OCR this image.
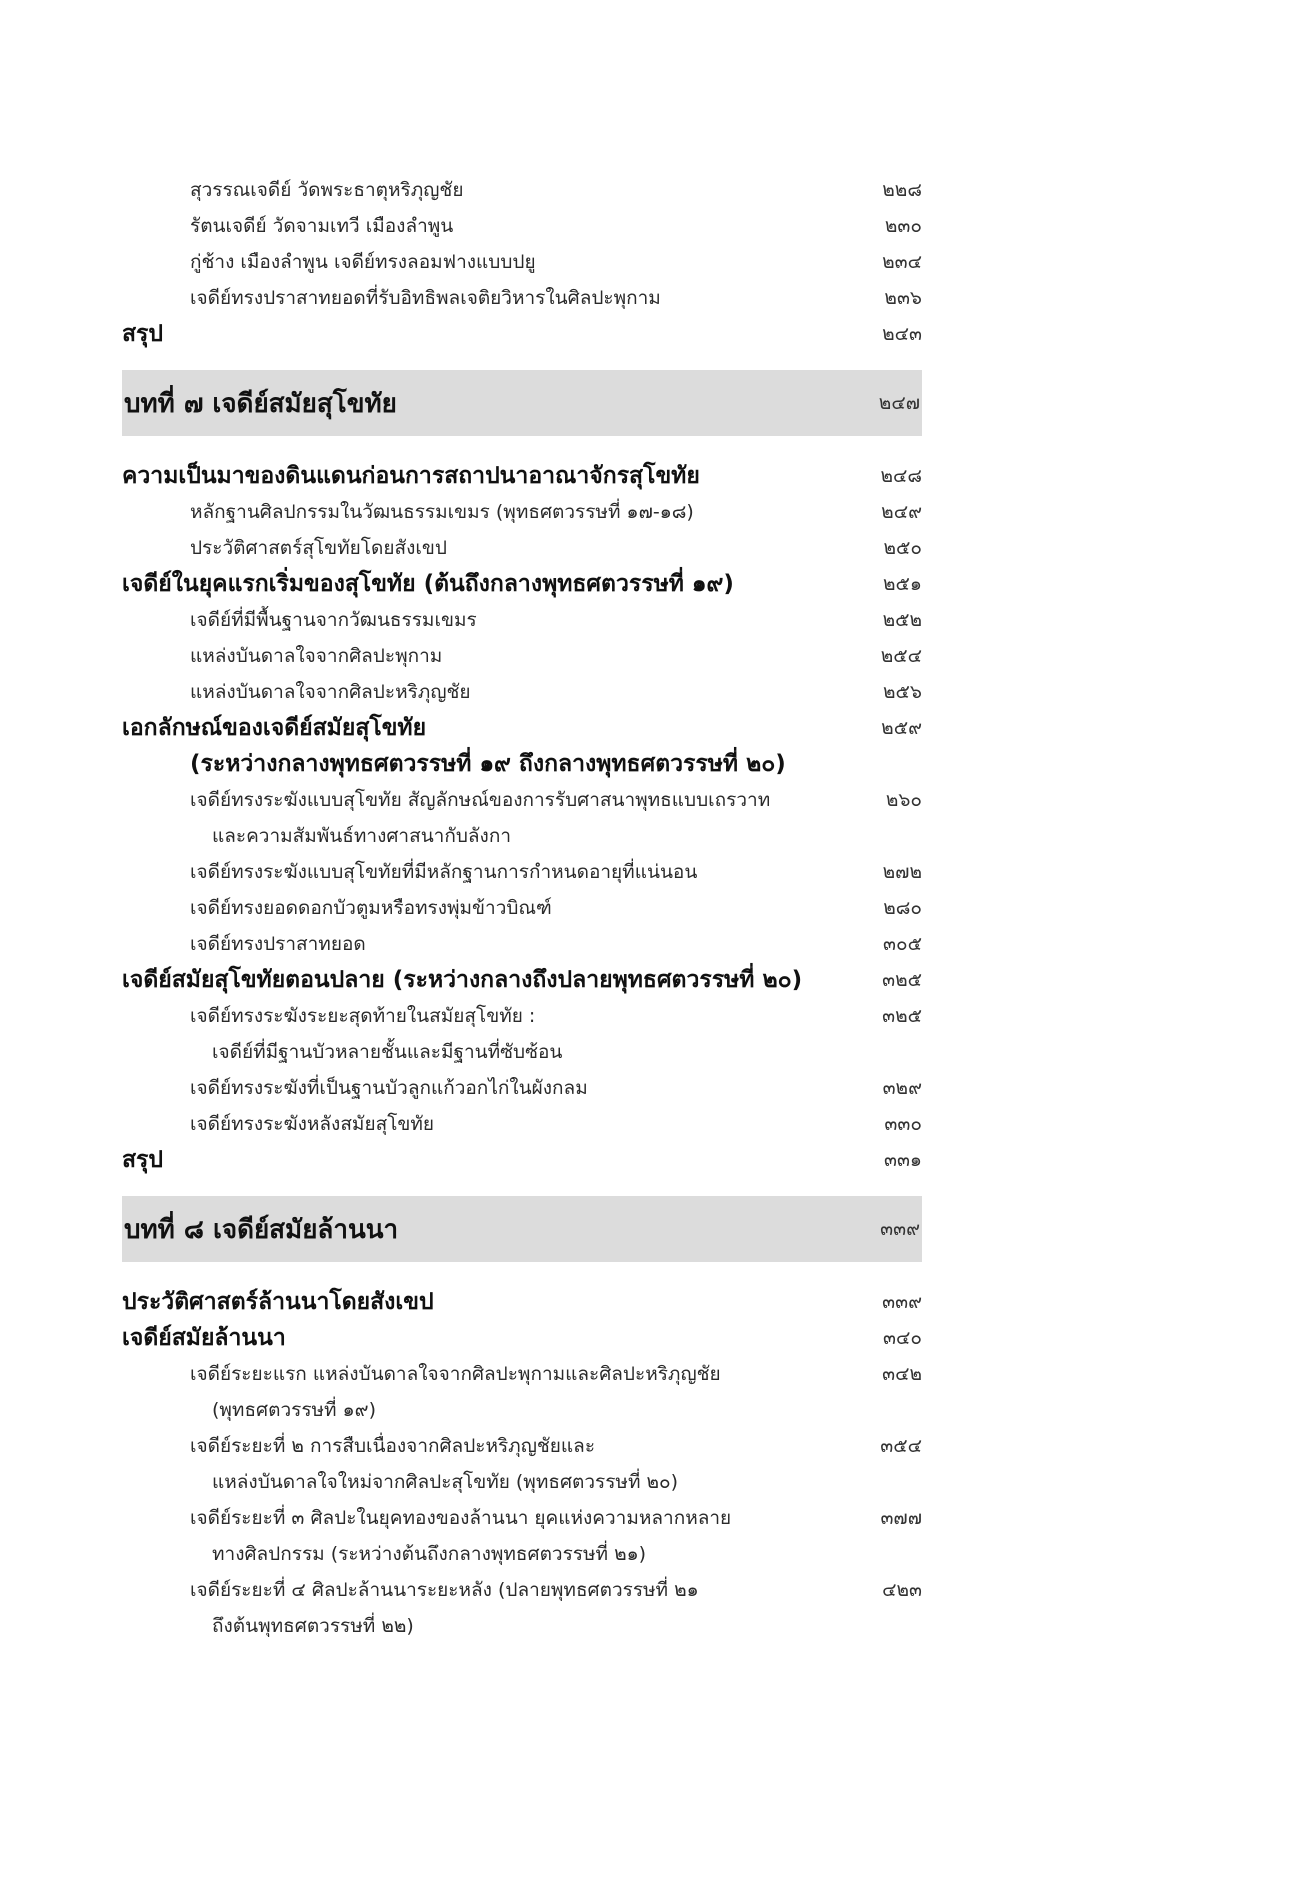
สุวรรณเจดีย์ วัดพระธาตุหริภุญชัย	๒๒๘
รัตนเจดีย์ วัดจามเทวี เมืองลำพูน	๒๓๐
กู่ช้าง เมืองลำพูน เจดีย์ทรงลอมฟางแบบปยู	๒๓๔
เจดีย์ทรงปราสาทยอดที่รับอิทธิพลเจติยวิหารในศิลปะพุกาม	๒๓๖
สรุป	๒๔๓
บทที่ ๗ เจดีย์สมัยสุโขทัย	๒๔๗
ความเป็นมาของดินแดนก่อนการสถาปนาอาณาจักรสุโขทัย	๒๔๘
หลักฐานศิลปกรรมในวัฒนธรรมเขมร (พุทธศตวรรษที่ ๑๗-๑๘)	๒๔๙
ประวัติศาสตร์สุโขทัยโดยสังเขป	๒๕๐
เจดีย์ในยุคแรกเริ่มของสุโขทัย (ต้นถึงกลางพุทธศตวรรษที่ ๑๙)	๒๕๑
เจดีย์ที่มีพื้นฐานจากวัฒนธรรมเขมร	๒๕๒
แหล่งบันดาลใจจากศิลปะพุกาม	๒๕๔
แหล่งบันดาลใจจากศิลปะหริภุญชัย	๒๕๖
เอกลักษณ์ของเจดีย์สมัยสุโขทัย	๒๕๙
(ระหว่างกลางพุทธศตวรรษที่ ๑๙ ถึงกลางพุทธศตวรรษที่ ๒๐)
เจดีย์ทรงระฆังแบบสุโขทัย สัญลักษณ์ของการรับศาสนาพุทธแบบเถรวาท	๒๖๐
และความสัมพันธ์ทางศาสนากับลังกา
เจดีย์ทรงระฆังแบบสุโขทัยที่มีหลักฐานการกำหนดอายุที่แน่นอน	๒๗๒
เจดีย์ทรงยอดดอกบัวตูมหรือทรงพุ่มข้าวบิณฑ์	๒๘๐
เจดีย์ทรงปราสาทยอด	๓๐๕
เจดีย์สมัยสุโขทัยตอนปลาย (ระหว่างกลางถึงปลายพุทธศตวรรษที่ ๒๐)	๓๒๕
เจดีย์ทรงระฆังระยะสุดท้ายในสมัยสุโขทัย :	๓๒๕
เจดีย์ที่มีฐานบัวหลายชั้นและมีฐานที่ซับซ้อน
เจดีย์ทรงระฆังที่เป็นฐานบัวลูกแก้วอกไก่ในผังกลม	๓๒๙
เจดีย์ทรงระฆังหลังสมัยสุโขทัย	๓๓๐
สรุป	๓๓๑
บทที่ ๘ เจดีย์สมัยล้านนา	๓๓๙
ประวัติศาสตร์ล้านนาโดยสังเขป	๓๓๙
เจดีย์สมัยล้านนา	๓๔๐
เจดีย์ระยะแรก แหล่งบันดาลใจจากศิลปะพุกามและศิลปะหริภุญชัย	๓๔๒
(พุทธศตวรรษที่ ๑๙)
เจดีย์ระยะที่ ๒ การสืบเนื่องจากศิลปะหริภุญชัยและ	๓๕๔
แหล่งบันดาลใจใหม่จากศิลปะสุโขทัย (พุทธศตวรรษที่ ๒๐)
เจดีย์ระยะที่ ๓ ศิลปะในยุคทองของล้านนา ยุคแห่งความหลากหลาย	๓๗๗
ทางศิลปกรรม (ระหว่างต้นถึงกลางพุทธศตวรรษที่ ๒๑)
เจดีย์ระยะที่ ๔ ศิลปะล้านนาระยะหลัง (ปลายพุทธศตวรรษที่ ๒๑	๔๒๓
ถึงต้นพุทธศตวรรษที่ ๒๒)
